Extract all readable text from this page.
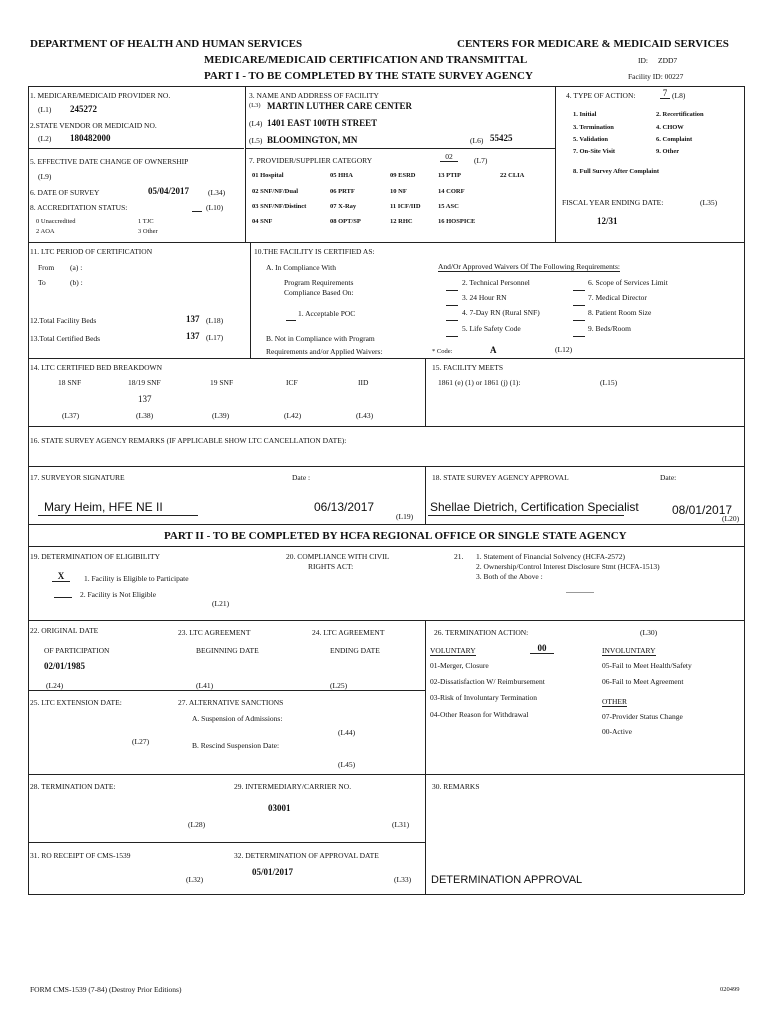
DEPARTMENT OF HEALTH AND HUMAN SERVICES	CENTERS FOR MEDICARE & MEDICAID SERVICES
MEDICARE/MEDICAID CERTIFICATION AND TRANSMITTAL	ID: ZDD7
PART I - TO BE COMPLETED BY THE STATE SURVEY AGENCY	Facility ID: 00227
1. MEDICARE/MEDICAID PROVIDER NO.
(L1) 245272
2.STATE VENDOR OR MEDICAID NO.
(L2) 180482000
3. NAME AND ADDRESS OF FACILITY
(L3) MARTIN LUTHER CARE CENTER
(L4) 1401 EAST 100TH STREET
(L5) BLOOMINGTON, MN	(L6) 55425
4. TYPE OF ACTION:	7 (L8)
1. Initial	2. Recertification
3. Termination	4. CHOW
5. Validation	6. Complaint
7. On-Site Visit	9. Other
8. Full Survey After Complaint
5. EFFECTIVE DATE CHANGE OF OWNERSHIP
(L9)
6. DATE OF SURVEY	05/04/2017	(L34)
8. ACCREDITATION STATUS:	(L10)
0 Unaccredited	1 TJC
2 AOA	3 Other
7. PROVIDER/SUPPLIER CATEGORY	02	(L7)
01 Hospital	05 HHA	09 ESRD	13 PTIP	22 CLIA
02 SNF/NF/Dual	06 PRTF	10 NF	14 CORF
03 SNF/NF/Distinct	07 X-Ray	11 ICF/IID	15 ASC
04 SNF	08 OPT/SP	12 RHC	16 HOSPICE
FISCAL YEAR ENDING DATE:	(L35)
12/31
11. LTC PERIOD OF CERTIFICATION
From (a) :
To	(b) :
12.Total Facility Beds	137 (L18)
13.Total Certified Beds	137 (L17)
10.THE FACILITY IS CERTIFIED AS:
A. In Compliance With
Program Requirements
Compliance Based On:
1. Acceptable POC
B. Not in Compliance with Program
Requirements and/or Applied Waivers:
And/Or Approved Waivers Of The Following Requirements:
2. Technical Personnel
3. 24 Hour RN
4. 7-Day RN (Rural SNF)
5. Life Safety Code
6. Scope of Services Limit
7. Medical Director
8. Patient Room Size
9. Beds/Room
* Code:	A	(L12)
14. LTC CERTIFIED BED BREAKDOWN
18 SNF	18/19 SNF	19 SNF	ICF	IID
137
(L37)	(L38)	(L39)	(L42)	(L43)
15. FACILITY MEETS
1861 (e) (1) or 1861 (j) (1):	(L15)
16. STATE SURVEY AGENCY REMARKS (IF APPLICABLE SHOW LTC CANCELLATION DATE):
17. SURVEYOR SIGNATURE	Date :
Mary Heim, HFE NE II	06/13/2017
(L19)
18. STATE SURVEY AGENCY APPROVAL	Date:
Shellae Dietrich, Certification Specialist	08/01/2017
(L20)
PART II - TO BE COMPLETED BY HCFA REGIONAL OFFICE OR SINGLE STATE AGENCY
19. DETERMINATION OF ELIGIBILITY
X	1. Facility is Eligible to Participate
2. Facility is Not Eligible
(L21)
20. COMPLIANCE WITH CIVIL
RIGHTS ACT:
21. 1. Statement of Financial Solvency (HCFA-2572)
2. Ownership/Control Interest Disclosure Stmt (HCFA-1513)
3. Both of the Above :
22. ORIGINAL DATE
OF PARTICIPATION
02/01/1985
(L24)
23. LTC AGREEMENT
BEGINNING DATE
(L41)
24. LTC AGREEMENT
ENDING DATE
(L25)
26. TERMINATION ACTION:	(L30)
VOLUNTARY	00	INVOLUNTARY
01-Merger, Closure
02-Dissatisfaction W/ Reimbursement
03-Risk of Involuntary Termination
04-Other Reason for Withdrawal
05-Fail to Meet Health/Safety
06-Fail to Meet Agreement
OTHER
07-Provider Status Change
00-Active
25. LTC EXTENSION DATE:
(L27)
27. ALTERNATIVE SANCTIONS
A. Suspension of Admissions:
(L44)
B. Rescind Suspension Date:
(L45)
28. TERMINATION DATE:
(L28)
29. INTERMEDIARY/CARRIER NO.
03001
(L31)
30. REMARKS
31. RO RECEIPT OF CMS-1539
(L32)
32. DETERMINATION OF APPROVAL DATE
05/01/2017
(L33) DETERMINATION APPROVAL
FORM CMS-1539 (7-84) (Destroy Prior Editions)	020499
